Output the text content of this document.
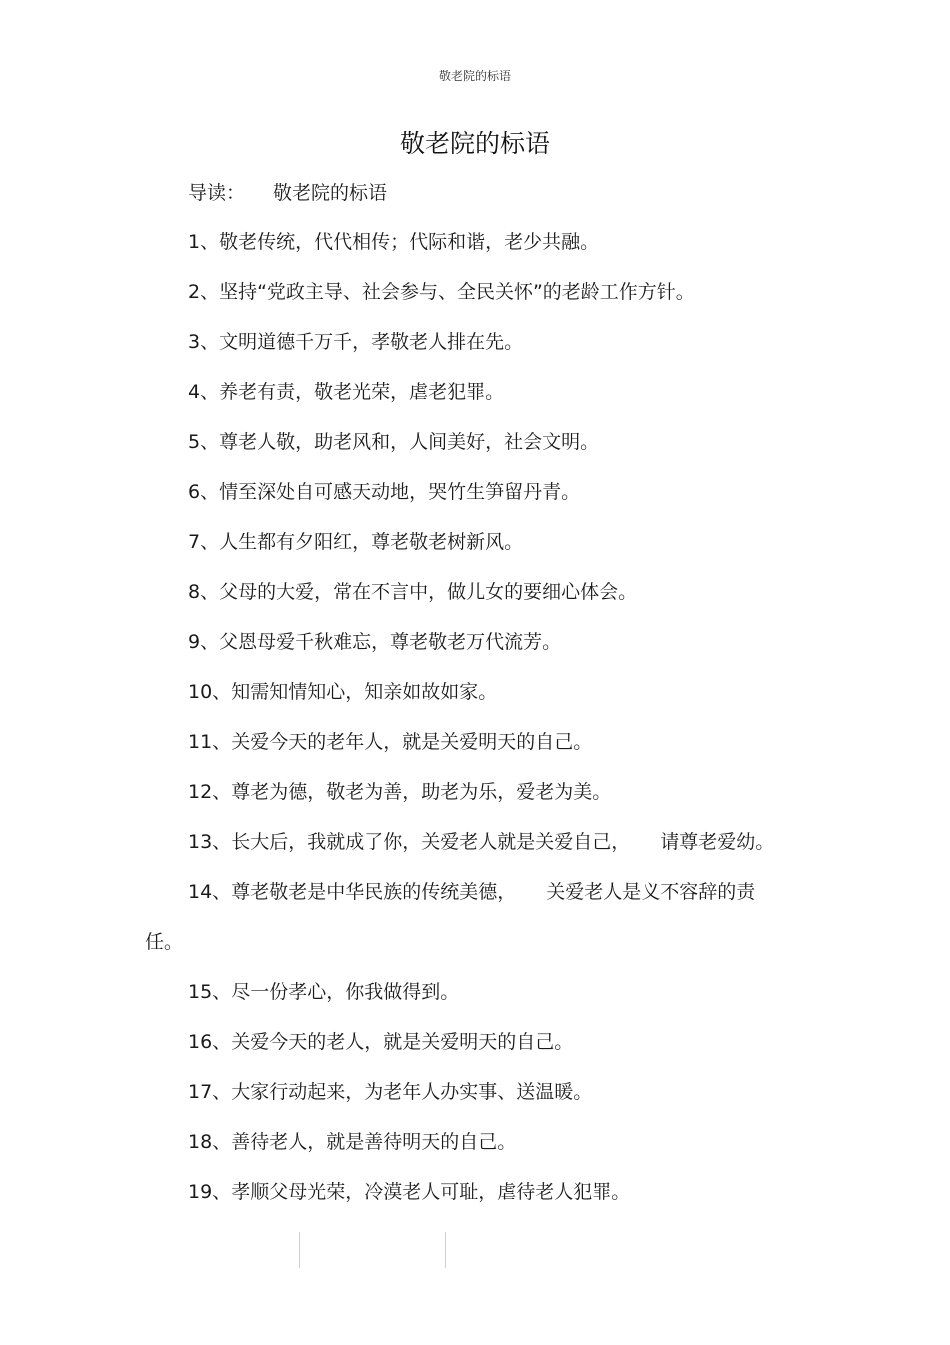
敬老院的标语
敬老院的标语
导读： 敬老院的标语
1、敬老传统，代代相传；代际和谐，老少共融。
2、坚持“党政主导、社会参与、全民关怀”的老龄工作方针。
3、文明道德千万千，孝敬老人排在先。
4、养老有责，敬老光荣，虐老犯罪。
5、尊老人敬，助老风和，人间美好，社会文明。
6、情至深处自可感天动地，哭竹生笋留丹青。
7、人生都有夕阳红，尊老敬老树新风。
8、父母的大爱，常在不言中，做儿女的要细心体会。
9、父恩母爱千秋难忘，尊老敬老万代流芳。
10、知需知情知心，知亲如故如家。
11、关爱今天的老年人，就是关爱明天的自己。
12、尊老为德，敬老为善，助老为乐，爱老为美。
13、长大后，我就成了你，关爱老人就是关爱自己， 请尊老爱幼。
14、尊老敬老是中华民族的传统美德， 关爱老人是义不容辞的责
任。
15、尽一份孝心，你我做得到。
16、关爱今天的老人，就是关爱明天的自己。
17、大家行动起来，为老年人办实事、送温暖。
18、善待老人，就是善待明天的自己。
19、孝顺父母光荣，冷漠老人可耻，虐待老人犯罪。
